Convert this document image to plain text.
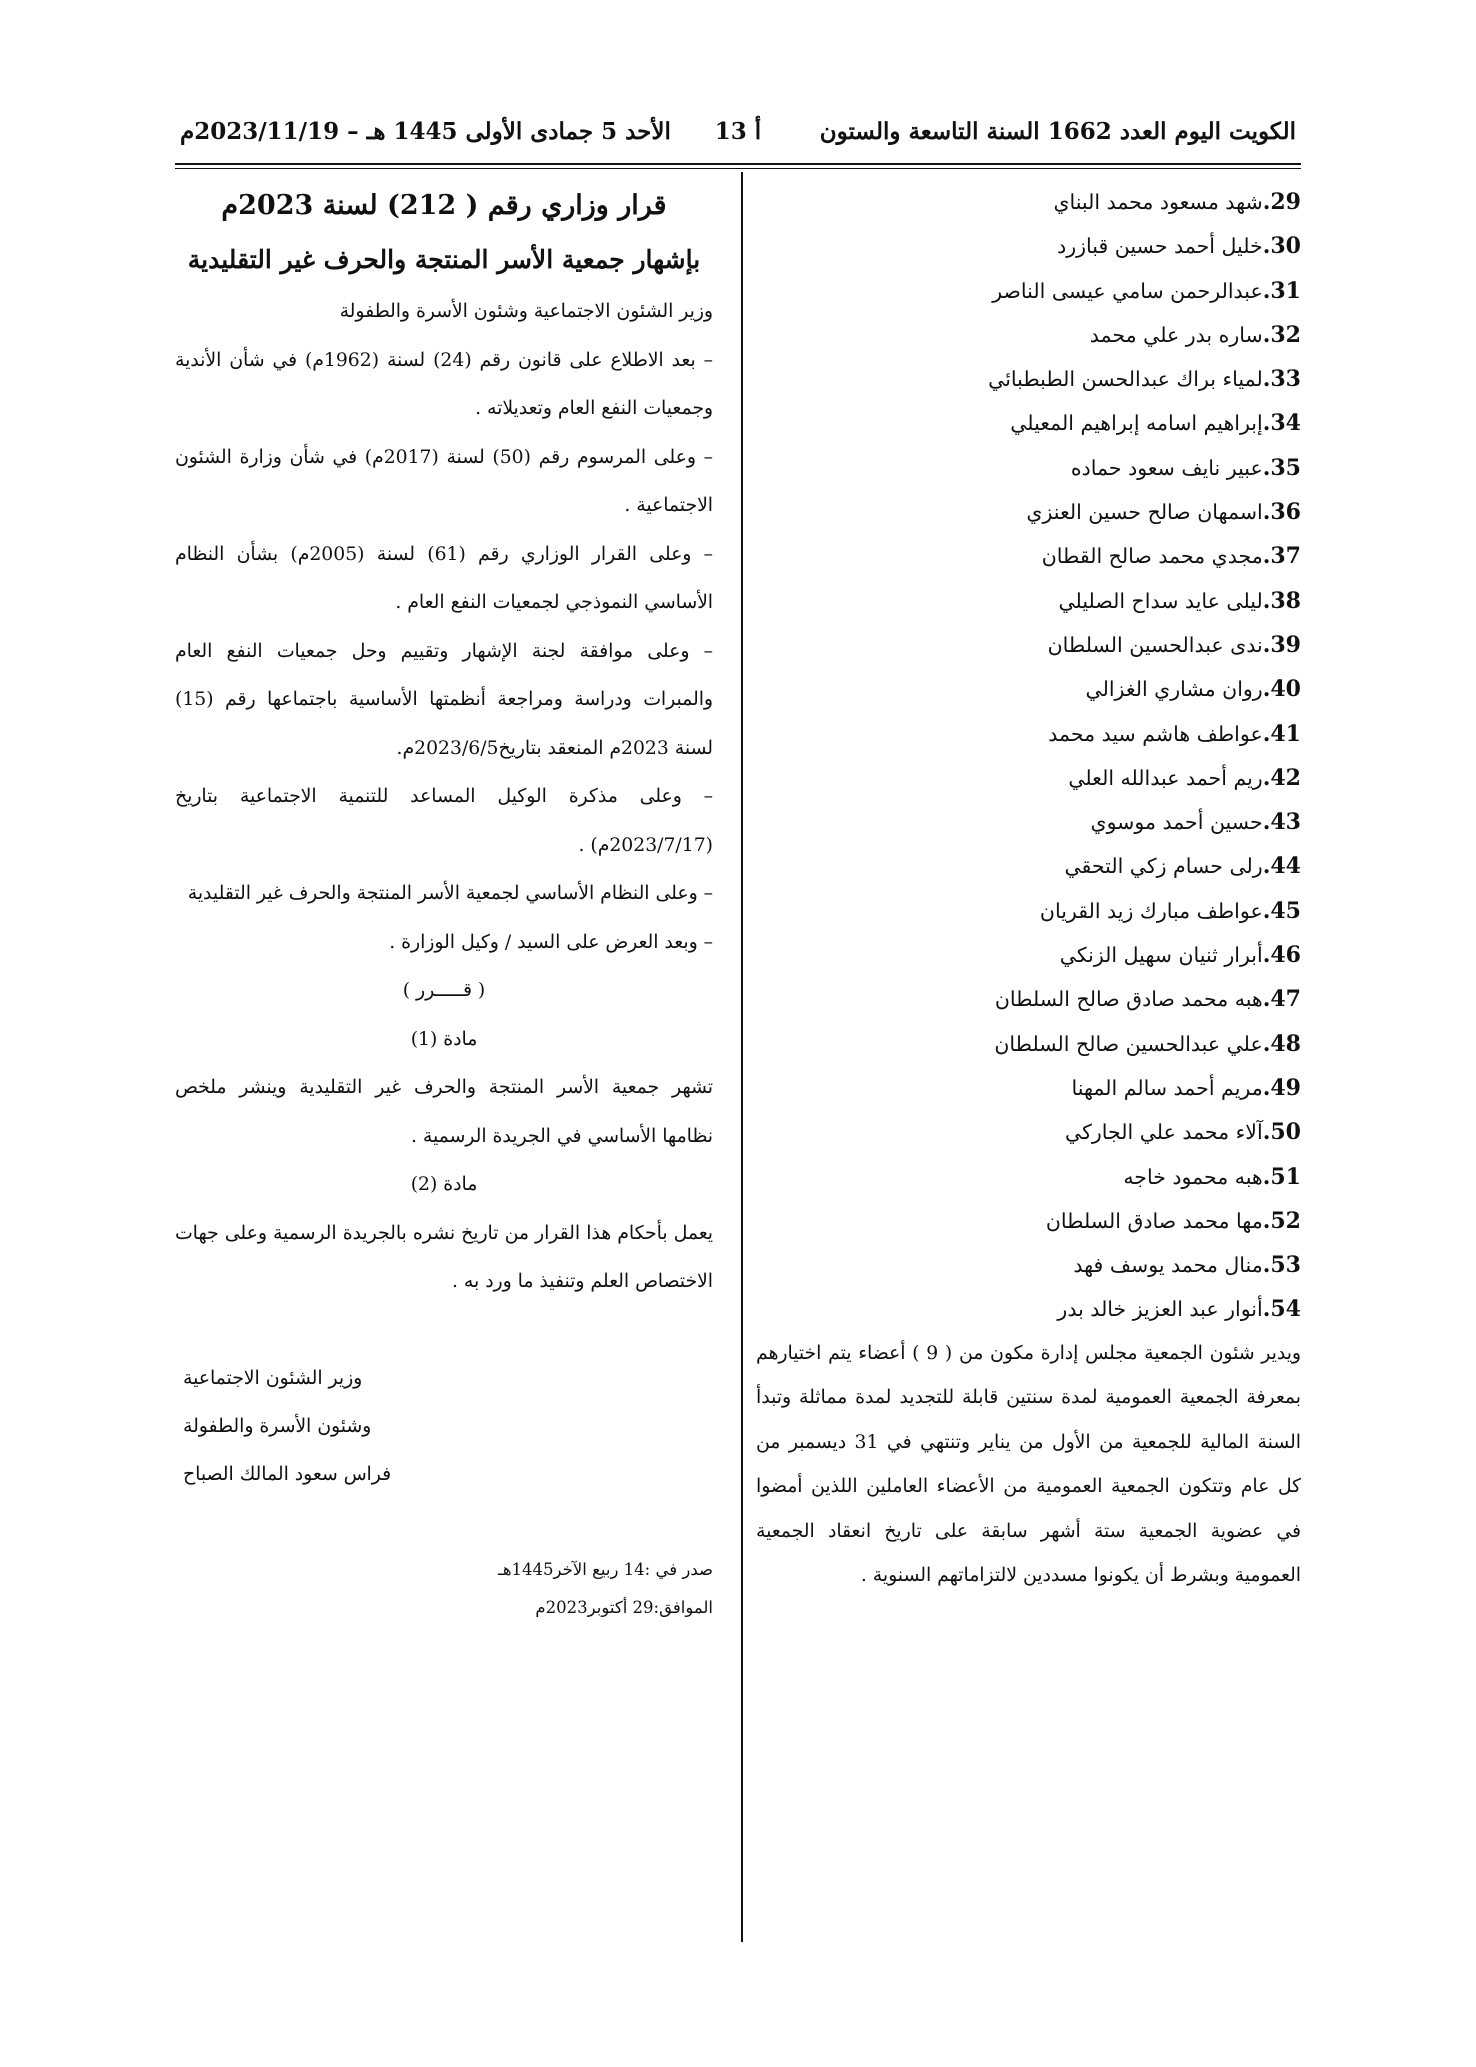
الكويت اليوم العدد 1662 السنة التاسعة والستون
أ 13
الأحد 5 جمادى الأولى 1445 هـ – 2023/11/19م
29.شهد مسعود محمد البناي
30.خليل أحمد حسين قبازرد
31.عبدالرحمن سامي عيسى الناصر
32.ساره بدر علي محمد
33.لمياء براك عبدالحسن الطبطبائي
34.إبراهيم اسامه إبراهيم المعيلي
35.عبير نايف سعود حماده
36.اسمهان صالح حسين العنزي
37.مجدي محمد صالح القطان
38.ليلى عايد سداح الصليلي
39.ندى عبدالحسين السلطان
40.روان مشاري الغزالي
41.عواطف هاشم سيد محمد
42.ريم أحمد عبدالله العلي
43.حسين أحمد موسوي
44.رلى حسام زكي التحقي
45.عواطف مبارك زيد القريان
46.أبرار ثنيان سهيل الزنكي
47.هبه محمد صادق صالح السلطان
48.علي عبدالحسين صالح السلطان
49.مريم أحمد سالم المهنا
50.آلاء محمد علي الجاركي
51.هبه محمود خاجه
52.مها محمد صادق السلطان
53.منال محمد يوسف فهد
54.أنوار عبد العزيز خالد بدر
ويدير شئون الجمعية مجلس إدارة مكون من ( 9 ) أعضاء يتم اختيارهم بمعرفة الجمعية العمومية لمدة سنتين قابلة للتجديد لمدة مماثلة وتبدأ السنة المالية للجمعية من الأول من يناير وتنتهي في 31 ديسمبر من كل عام وتتكون الجمعية العمومية من الأعضاء العاملين اللذين أمضوا في عضوية الجمعية ستة أشهر سابقة على تاريخ انعقاد الجمعية العمومية وبشرط أن يكونوا مسددين لالتزاماتهم السنوية .
قرار وزاري رقم ( 212) لسنة 2023م
بإشهار جمعية الأسر المنتجة والحرف غير التقليدية
وزير الشئون الاجتماعية وشئون الأسرة والطفولة
– بعد الاطلاع على قانون رقم (24) لسنة (1962م) في شأن الأندية وجمعيات النفع العام وتعديلاته .
– وعلى المرسوم رقم (50) لسنة (2017م) في شأن وزارة الشئون الاجتماعية .
– وعلى القرار الوزاري رقم (61) لسنة (2005م) بشأن النظام الأساسي النموذجي لجمعيات النفع العام .
– وعلى موافقة لجنة الإشهار وتقييم وحل جمعيات النفع العام والمبرات ودراسة ومراجعة أنظمتها الأساسية باجتماعها رقم (15) لسنة 2023م المنعقد بتاريخ2023/6/5م.
– وعلى مذكرة الوكيل المساعد للتنمية الاجتماعية بتاريخ (2023/7/17م) .
– وعلى النظام الأساسي لجمعية الأسر المنتجة والحرف غير التقليدية
– وبعد العرض على السيد / وكيل الوزارة .
( قـــــرر )
مادة (1)
تشهر جمعية الأسر المنتجة والحرف غير التقليدية وينشر ملخص نظامها الأساسي في الجريدة الرسمية .
مادة (2)
يعمل بأحكام هذا القرار من تاريخ نشره بالجريدة الرسمية وعلى جهات الاختصاص العلم وتنفيذ ما ورد به .
وزير الشئون الاجتماعية
وشئون الأسرة والطفولة
فراس سعود المالك الصباح
صدر في :14 ربيع الآخر1445هـ
الموافق:29 أكتوبر2023م
